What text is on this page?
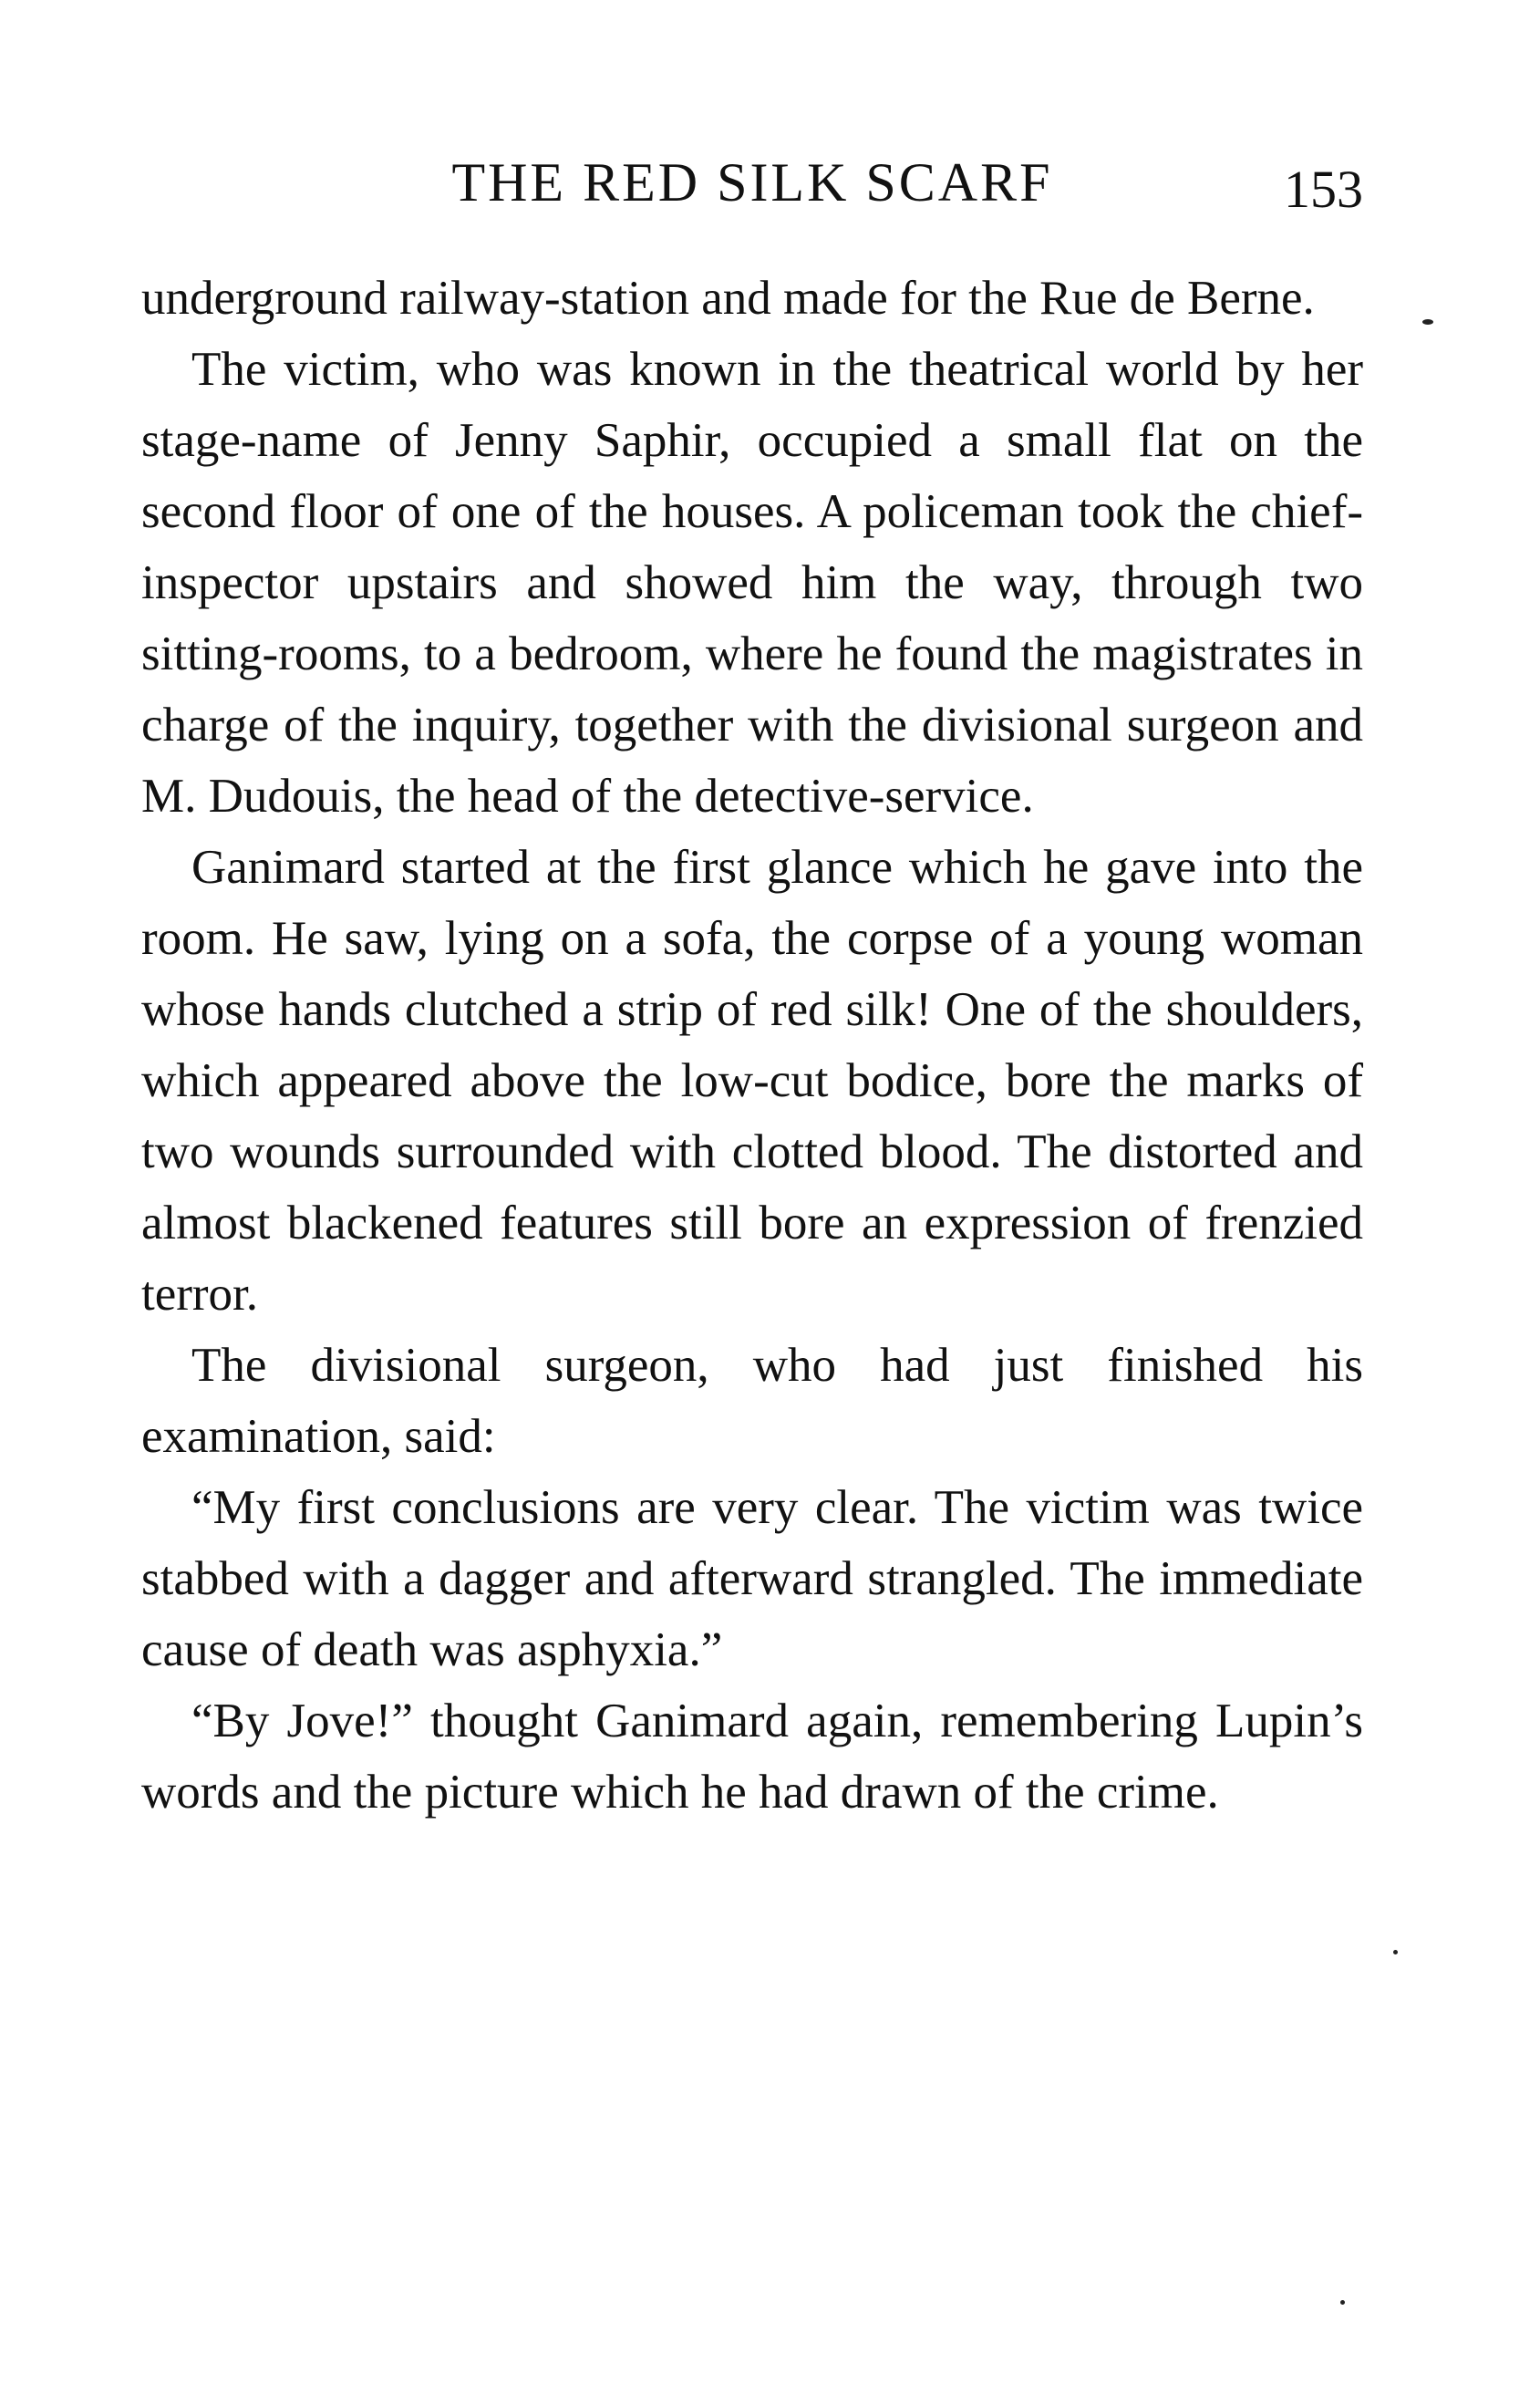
THE RED SILK SCARF	153

underground railway-station and made for the Rue de Berne.

The victim, who was known in the theatrical world by her stage-name of Jenny Saphir, occupied a small flat on the second floor of one of the houses. A policeman took the chief-inspector upstairs and showed him the way, through two sitting-rooms, to a bedroom, where he found the magistrates in charge of the inquiry, together with the divisional surgeon and M. Dudouis, the head of the detective-service.

Ganimard started at the first glance which he gave into the room. He saw, lying on a sofa, the corpse of a young woman whose hands clutched a strip of red silk! One of the shoulders, which appeared above the low-cut bodice, bore the marks of two wounds surrounded with clotted blood. The distorted and almost blackened features still bore an expression of frenzied terror.

The divisional surgeon, who had just finished his examination, said:

“My first conclusions are very clear. The victim was twice stabbed with a dagger and afterward strangled. The immediate cause of death was asphyxia.”

“By Jove!” thought Ganimard again, remembering Lupin’s words and the picture which he had drawn of the crime.
